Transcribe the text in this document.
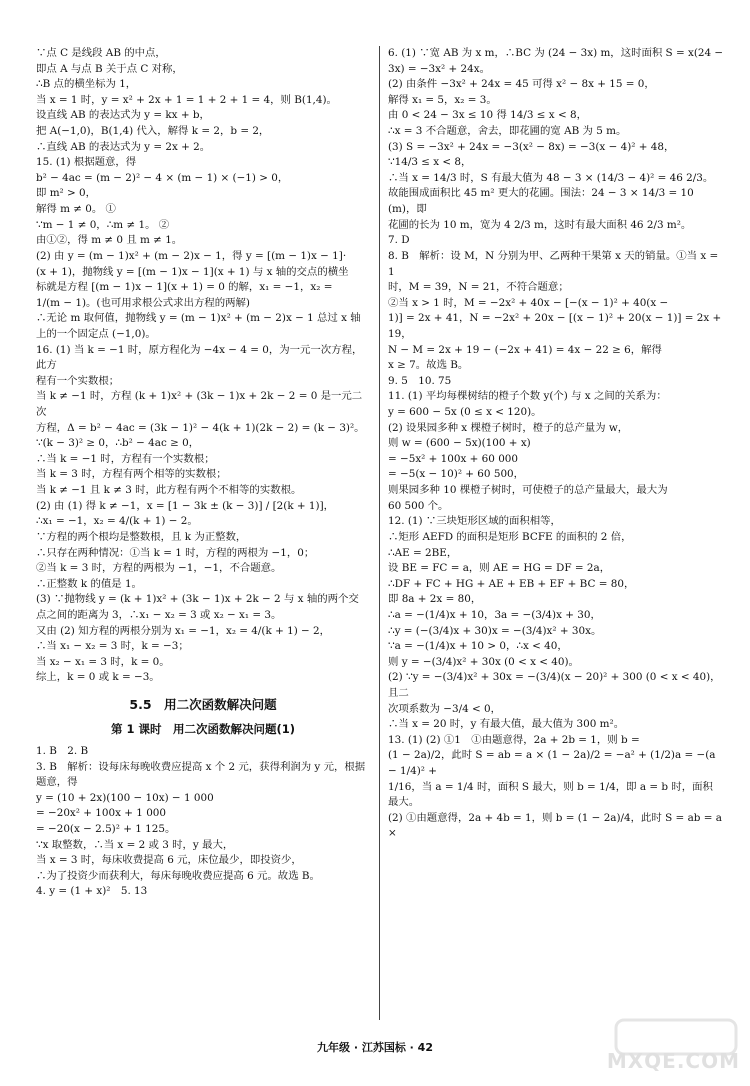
∵点 C 是线段 AB 的中点，

即点 A 与点 B 关于点 C 对称，

∴B 点的横坐标为 1，

当 x = 1 时，y = x² + 2x + 1 = 1 + 2 + 1 = 4，则 B(1,4)。

设直线 AB 的表达式为 y = kx + b，

把 A(−1,0)，B(1,4) 代入，解得 k = 2，b = 2，

∴直线 AB 的表达式为 y = 2x + 2。

15. (1) 根据题意，得

b² − 4ac = (m − 2)² − 4 × (m − 1) × (−1) > 0，

即 m² > 0，

解得 m ≠ 0。 ①

∵m − 1 ≠ 0，∴m ≠ 1。 ②

由①②，得 m ≠ 0 且 m ≠ 1。

(2) 由 y = (m − 1)x² + (m − 2)x − 1，得 y = [(m − 1)x − 1]·

(x + 1)，抛物线 y = [(m − 1)x − 1](x + 1) 与 x 轴的交点的横坐

标就是方程 [(m − 1)x − 1](x + 1) = 0 的解，x₁ = −1，x₂ =

1/(m − 1)。(也可用求根公式求出方程的两解)

∴无论 m 取何值，抛物线 y = (m − 1)x² + (m − 2)x − 1 总过 x 轴

上的一个固定点 (−1,0)。

16. (1) 当 k = −1 时，原方程化为 −4x − 4 = 0，为一元一次方程，此方

程有一个实数根；

当 k ≠ −1 时，方程 (k + 1)x² + (3k − 1)x + 2k − 2 = 0 是一元二次

方程，Δ = b² − 4ac = (3k − 1)² − 4(k + 1)(2k − 2) = (k − 3)²。

∵(k − 3)² ≥ 0，∴b² − 4ac ≥ 0，

∴当 k = −1 时，方程有一个实数根；

当 k = 3 时，方程有两个相等的实数根；

当 k ≠ −1 且 k ≠ 3 时，此方程有两个不相等的实数根。

(2) 由 (1) 得 k ≠ −1，x = [1 − 3k ± (k − 3)] / [2(k + 1)]，

∴x₁ = −1，x₂ = 4/(k + 1) − 2。

∵方程的两个根均是整数根，且 k 为正整数，

∴只存在两种情况：①当 k = 1 时，方程的两根为 −1，0；

②当 k = 3 时，方程的两根为 −1，−1，不合题意。

∴正整数 k 的值是 1。

(3) ∵抛物线 y = (k + 1)x² + (3k − 1)x + 2k − 2 与 x 轴的两个交

点之间的距离为 3，∴x₁ − x₂ = 3 或 x₂ − x₁ = 3。

又由 (2) 知方程的两根分别为 x₁ = −1，x₂ = 4/(k + 1) − 2，

∴当 x₁ − x₂ = 3 时，k = −3；

当 x₂ − x₁ = 3 时，k = 0。

综上，k = 0 或 k = −3。

5.5　用二次函数解决问题
第 1 课时　用二次函数解决问题(1)

1. B　2. B

3. B　解析：设每床每晚收费应提高 x 个 2 元，获得利润为 y 元，根据

题意，得

y = (10 + 2x)(100 − 10x) − 1 000

= −20x² + 100x + 1 000

= −20(x − 2.5)² + 1 125。

∵x 取整数，∴当 x = 2 或 3 时，y 最大，

当 x = 3 时，每床收费提高 6 元，床位最少，即投资少，

∴为了投资少而获利大，每床每晚收费应提高 6 元。故选 B。

4. y = (1 + x)²　5. 13

6. (1) ∵宽 AB 为 x m，∴BC 为 (24 − 3x) m，这时面积 S = x(24 −

3x) = −3x² + 24x。

(2) 由条件 −3x² + 24x = 45 可得 x² − 8x + 15 = 0，

解得 x₁ = 5，x₂ = 3。

由 0 < 24 − 3x ≤ 10 得 14/3 ≤ x < 8，

∴x = 3 不合题意，舍去，即花圃的宽 AB 为 5 m。

(3) S = −3x² + 24x = −3(x² − 8x) = −3(x − 4)² + 48，

∵14/3 ≤ x < 8，

∴当 x = 14/3 时，S 有最大值为 48 − 3 × (14/3 − 4)² = 46 2/3。

故能围成面积比 45 m² 更大的花圃。围法：24 − 3 × 14/3 = 10 (m)，即

花圃的长为 10 m，宽为 4 2/3 m，这时有最大面积 46 2/3 m²。

7. D

8. B　解析：设 M，N 分别为甲、乙两种干果第 x 天的销量。①当 x = 1

时，M = 39，N = 21，不符合题意；

②当 x > 1 时，M = −2x² + 40x − [−(x − 1)² + 40(x −

1)] = 2x + 41，N = −2x² + 20x − [(x − 1)² + 20(x − 1)] = 2x + 19，

N − M = 2x + 19 − (−2x + 41) = 4x − 22 ≥ 6，解得

x ≥ 7。故选 B。

9. 5　10. 75

11. (1) 平均每棵树结的橙子个数 y(个) 与 x 之间的关系为：

y = 600 − 5x (0 ≤ x < 120)。

(2) 设果园多种 x 棵橙子树时，橙子的总产量为 w，

则 w = (600 − 5x)(100 + x)

= −5x² + 100x + 60 000

= −5(x − 10)² + 60 500，

则果园多种 10 棵橙子树时，可使橙子的总产量最大，最大为

60 500 个。

12. (1) ∵三块矩形区域的面积相等，

∴矩形 AEFD 的面积是矩形 BCFE 的面积的 2 倍，

∴AE = 2BE，

设 BE = FC = a，则 AE = HG = DF = 2a，

∴DF + FC + HG + AE + EB + EF + BC = 80，

即 8a + 2x = 80，

∴a = −(1/4)x + 10，3a = −(3/4)x + 30，

∴y = (−(3/4)x + 30)x = −(3/4)x² + 30x。

∵a = −(1/4)x + 10 > 0，∴x < 40，

则 y = −(3/4)x² + 30x (0 < x < 40)。

(2) ∵y = −(3/4)x² + 30x = −(3/4)(x − 20)² + 300 (0 < x < 40)，且二

次项系数为 −3/4 < 0，

∴当 x = 20 时，y 有最大值，最大值为 300 m²。

13. (1) (2) ①1　①由题意得，2a + 2b = 1，则 b =

(1 − 2a)/2，此时 S = ab = a × (1 − 2a)/2 = −a² + (1/2)a = −(a − 1/4)² +

1/16，当 a = 1/4 时，面积 S 最大，则 b = 1/4，即 a = b 时，面积

最大。

(2) ①由题意得，2a + 4b = 1，则 b = (1 − 2a)/4，此时 S = ab = a ×

九年级 · 江苏国标 · 42
MXQE.COM
